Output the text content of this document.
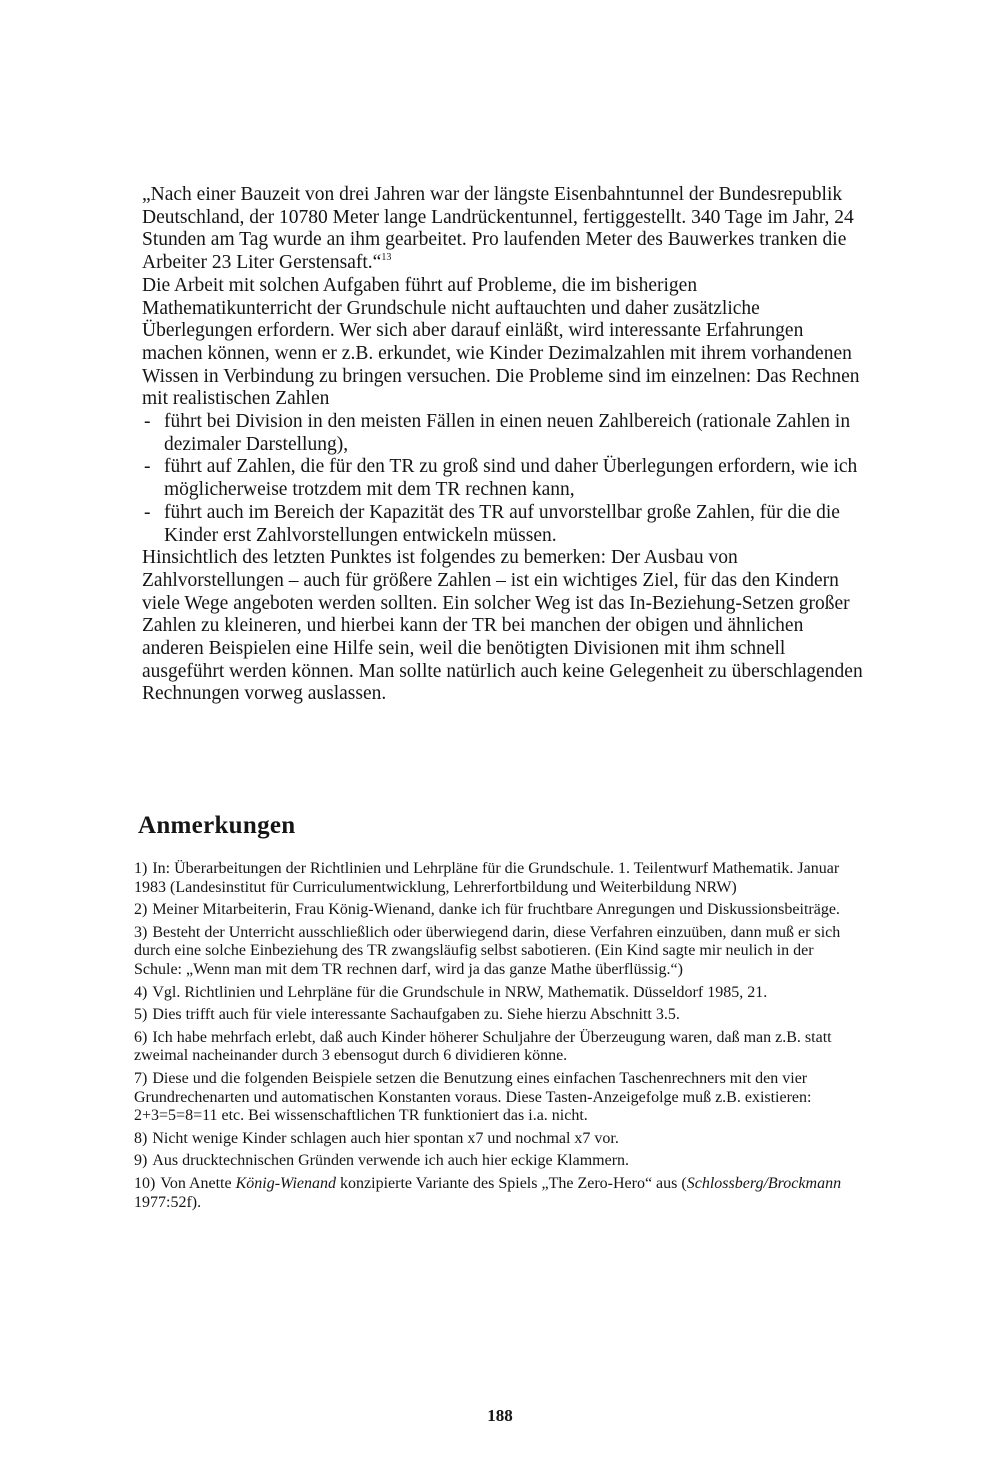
„Nach einer Bauzeit von drei Jahren war der längste Eisenbahntunnel der Bundesrepublik Deutschland, der 10780 Meter lange Landrückentunnel, fertiggestellt. 340 Tage im Jahr, 24 Stunden am Tag wurde an ihm gearbeitet. Pro laufenden Meter des Bauwerkes tranken die Arbeiter 23 Liter Gerstensaft.“$^{13}$

Die Arbeit mit solchen Aufgaben führt auf Probleme, die im bisherigen Mathematikunterricht der Grundschule nicht auftauchten und daher zusätzliche Überlegungen erfordern. Wer sich aber darauf einläßt, wird interessante Erfahrungen machen können, wenn er z.B. erkundet, wie Kinder Dezimalzahlen mit ihrem vorhandenen Wissen in Verbindung zu bringen versuchen. Die Probleme sind im einzelnen: Das Rechnen mit realistischen Zahlen

- führt bei Division in den meisten Fällen in einen neuen Zahlbereich (rationale Zahlen in dezimaler Darstellung),
- führt auf Zahlen, die für den TR zu groß sind und daher Überlegungen erfordern, wie ich möglicherweise trotzdem mit dem TR rechnen kann,
- führt auch im Bereich der Kapazität des TR auf unvorstellbar große Zahlen, für die die Kinder erst Zahlvorstellungen entwickeln müssen.

Hinsichtlich des letzten Punktes ist folgendes zu bemerken: Der Ausbau von Zahlvorstellungen – auch für größere Zahlen – ist ein wichtiges Ziel, für das den Kindern viele Wege angeboten werden sollten. Ein solcher Weg ist das In-Beziehung-Setzen großer Zahlen zu kleineren, und hierbei kann der TR bei manchen der obigen und ähnlichen anderen Beispielen eine Hilfe sein, weil die benötigten Divisionen mit ihm schnell ausgeführt werden können. Man sollte natürlich auch keine Gelegenheit zu überschlagenden Rechnungen vorweg auslassen.

Anmerkungen

1) In: Überarbeitungen der Richtlinien und Lehrpläne für die Grundschule. 1. Teilentwurf Mathematik. Januar 1983 (Landesinstitut für Curriculumentwicklung, Lehrerfortbildung und Weiterbildung NRW)

2) Meiner Mitarbeiterin, Frau König-Wienand, danke ich für fruchtbare Anregungen und Diskussionsbeiträge.

3) Besteht der Unterricht ausschließlich oder überwiegend darin, diese Verfahren einzuüben, dann muß er sich durch eine solche Einbeziehung des TR zwangsläufig selbst sabotieren. (Ein Kind sagte mir neulich in der Schule: „Wenn man mit dem TR rechnen darf, wird ja das ganze Mathe überflüssig.“)

4) Vgl. Richtlinien und Lehrpläne für die Grundschule in NRW, Mathematik. Düsseldorf 1985, 21.

5) Dies trifft auch für viele interessante Sachaufgaben zu. Siehe hierzu Abschnitt 3.5.

6) Ich habe mehrfach erlebt, daß auch Kinder höherer Schuljahre der Überzeugung waren, daß man z.B. statt zweimal nacheinander durch 3 ebensogut durch 6 dividieren könne.

7) Diese und die folgenden Beispiele setzen die Benutzung eines einfachen Taschenrechners mit den vier Grundrechenarten und automatischen Konstanten voraus. Diese Tasten-Anzeigefolge muß z.B. existieren: 2+3=5=8=11 etc. Bei wissenschaftlichen TR funktioniert das i.a. nicht.

8) Nicht wenige Kinder schlagen auch hier spontan x7 und nochmal x7 vor.

9) Aus drucktechnischen Gründen verwende ich auch hier eckige Klammern.

10) Von Anette König-Wienand konzipierte Variante des Spiels „The Zero-Hero“ aus (Schlossberg/Brockmann 1977:52f).

188
